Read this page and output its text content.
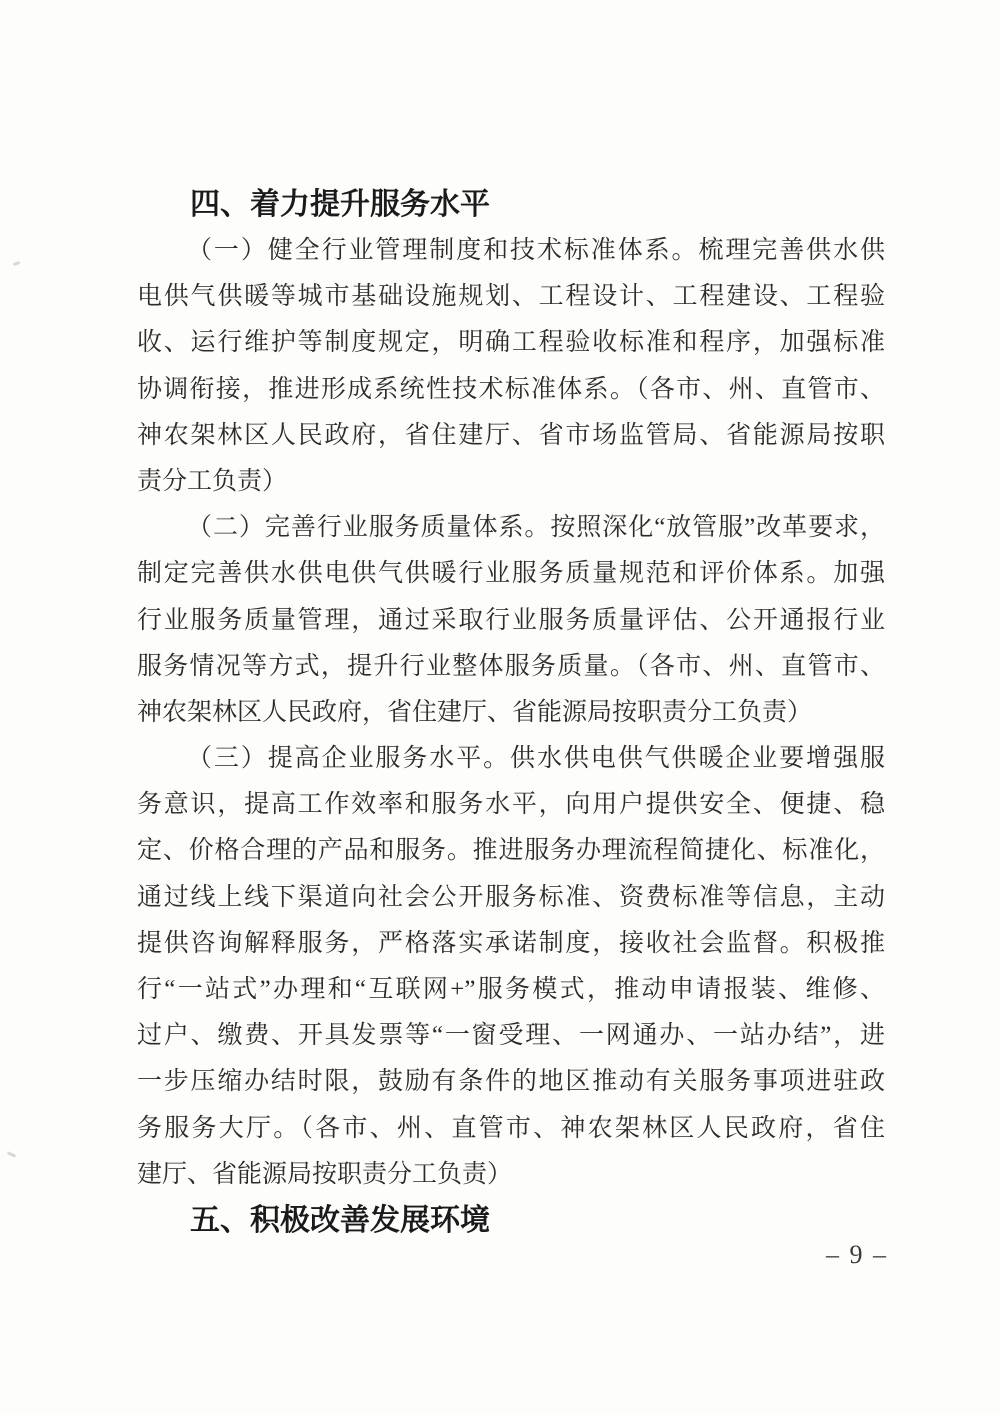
四、着力提升服务水平
（一）健全行业管理制度和技术标准体系。梳理完善供水供
电供气供暖等城市基础设施规划、工程设计、工程建设、工程验
收、运行维护等制度规定，明确工程验收标准和程序，加强标准
协调衔接，推进形成系统性技术标准体系。（各市、州、直管市、
神农架林区人民政府，省住建厅、省市场监管局、省能源局按职
责分工负责）
（二）完善行业服务质量体系。按照深化“放管服”改革要求，
制定完善供水供电供气供暖行业服务质量规范和评价体系。加强
行业服务质量管理，通过采取行业服务质量评估、公开通报行业
服务情况等方式，提升行业整体服务质量。（各市、州、直管市、
神农架林区人民政府，省住建厅、省能源局按职责分工负责）
（三）提高企业服务水平。供水供电供气供暖企业要增强服
务意识，提高工作效率和服务水平，向用户提供安全、便捷、稳
定、价格合理的产品和服务。推进服务办理流程简捷化、标准化，
通过线上线下渠道向社会公开服务标准、资费标准等信息，主动
提供咨询解释服务，严格落实承诺制度，接收社会监督。积极推
行“一站式”办理和“互联网+”服务模式，推动申请报装、维修、
过户、缴费、开具发票等“一窗受理、一网通办、一站办结”，进
一步压缩办结时限，鼓励有条件的地区推动有关服务事项进驻政
务服务大厅。（各市、州、直管市、神农架林区人民政府，省住
建厅、省能源局按职责分工负责）
五、积极改善发展环境
– 9 –
